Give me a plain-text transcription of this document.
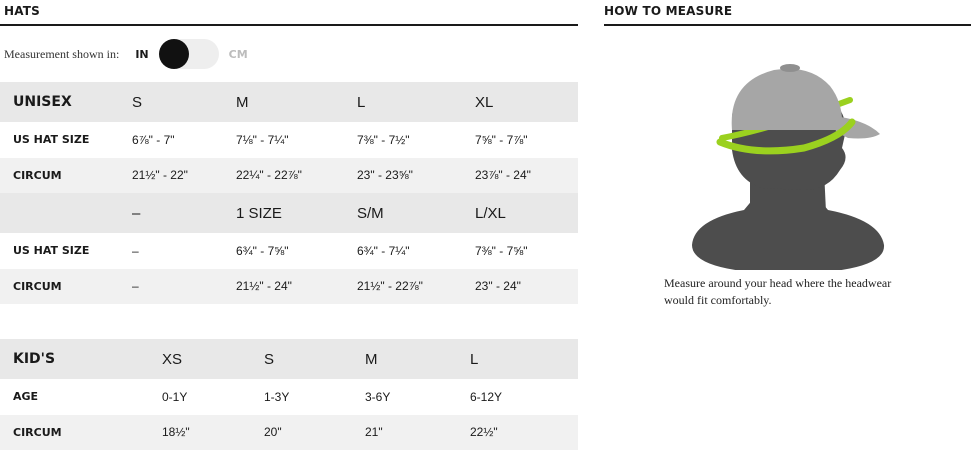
HATS
Measurement shown in: IN	CM
UNISEX	S	M	L	XL
US HAT SIZE	6⅞" - 7"	7⅛" - 7¼"	7⅜" - 7½"	7⅝" - 7⅞"
CIRCUM	21½" - 22"	22¼" - 22⅞"	23" - 23⅝"	23⅞" - 24"
	–	1 SIZE	S/M	L/XL
US HAT SIZE	–	6¾" - 7⅝"	6¾" - 7¼"	7⅜" - 7⅝"
CIRCUM	–	21½" - 24"	21½" - 22⅞"	23" - 24"
KID'S	XS	S	M	L
AGE	0-1Y	1-3Y	3-6Y	6-12Y
CIRCUM	18½"	20"	21"	22½"
HOW TO MEASURE
Measure around your head where the headwear would fit comfortably.
